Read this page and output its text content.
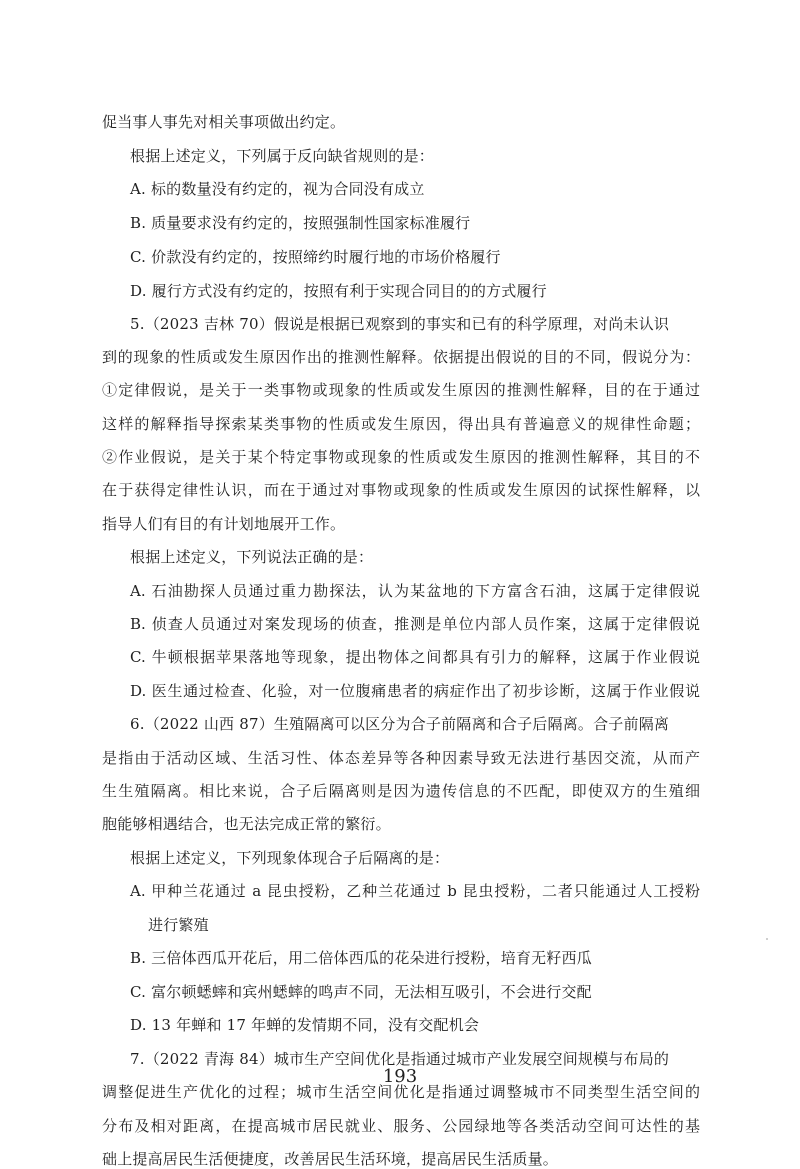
促当事人事先对相关事项做出约定。
根据上述定义，下列属于反向缺省规则的是：
A. 标的数量没有约定的，视为合同没有成立
B. 质量要求没有约定的，按照强制性国家标准履行
C. 价款没有约定的，按照缔约时履行地的市场价格履行
D. 履行方式没有约定的，按照有利于实现合同目的的方式履行
5.（2023 吉林 70）假说是根据已观察到的事实和已有的科学原理，对尚未认识
到的现象的性质或发生原因作出的推测性解释。依据提出假说的目的不同，假说分为：
①定律假说，是关于一类事物或现象的性质或发生原因的推测性解释，目的在于通过
这样的解释指导探索某类事物的性质或发生原因，得出具有普遍意义的规律性命题；
②作业假说，是关于某个特定事物或现象的性质或发生原因的推测性解释，其目的不
在于获得定律性认识，而在于通过对事物或现象的性质或发生原因的试探性解释，以
指导人们有目的有计划地展开工作。
根据上述定义，下列说法正确的是：
A. 石油勘探人员通过重力勘探法，认为某盆地的下方富含石油，这属于定律假说
B. 侦查人员通过对案发现场的侦查，推测是单位内部人员作案，这属于定律假说
C. 牛顿根据苹果落地等现象，提出物体之间都具有引力的解释，这属于作业假说
D. 医生通过检查、化验，对一位腹痛患者的病症作出了初步诊断，这属于作业假说
6.（2022 山西 87）生殖隔离可以区分为合子前隔离和合子后隔离。合子前隔离
是指由于活动区域、生活习性、体态差异等各种因素导致无法进行基因交流，从而产
生生殖隔离。相比来说，合子后隔离则是因为遗传信息的不匹配，即使双方的生殖细
胞能够相遇结合，也无法完成正常的繁衍。
根据上述定义，下列现象体现合子后隔离的是：
A. 甲种兰花通过 a 昆虫授粉，乙种兰花通过 b 昆虫授粉，二者只能通过人工授粉
进行繁殖
B. 三倍体西瓜开花后，用二倍体西瓜的花朵进行授粉，培育无籽西瓜
C. 富尔顿蟋蟀和宾州蟋蟀的鸣声不同，无法相互吸引，不会进行交配
D. 13 年蝉和 17 年蝉的发情期不同，没有交配机会
7.（2022 青海 84）城市生产空间优化是指通过城市产业发展空间规模与布局的
调整促进生产优化的过程；城市生活空间优化是指通过调整城市不同类型生活空间的
分布及相对距离，在提高城市居民就业、服务、公园绿地等各类活动空间可达性的基
础上提高居民生活便捷度，改善居民生活环境，提高居民生活质量。
193
